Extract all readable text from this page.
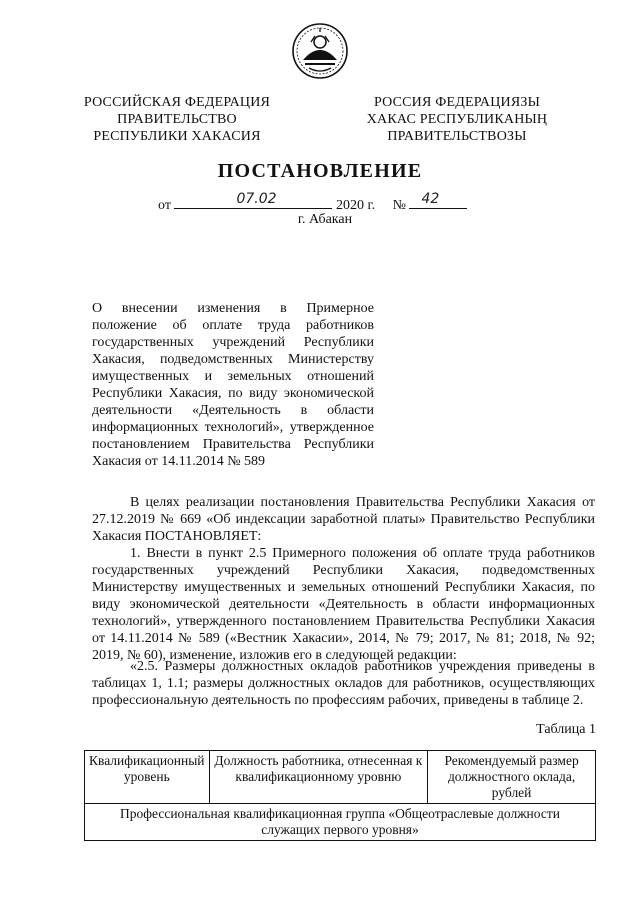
РОССИЙСКАЯ ФЕДЕРАЦИЯ
ПРАВИТЕЛЬСТВО
РЕСПУБЛИКИ ХАКАСИЯ
РОССИЯ ФЕДЕРАЦИЯЗЫ
ХАКАС РЕСПУБЛИКАНЫҢ
ПРАВИТЕЛЬСТВОЗЫ
ПОСТАНОВЛЕНИЕ
от	07.02	2020 г. № 42
г. Абакан
О внесении изменения в Примерное положение об оплате труда работников государственных учреждений Республики Хакасия, подведомственных Министерству имущественных и земельных отношений Республики Хакасия, по виду экономической деятельности «Деятельность в области информационных технологий», утвержденное постановлением Правительства Республики Хакасия от 14.11.2014 № 589
В целях реализации постановления Правительства Республики Хакасия от 27.12.2019 № 669 «Об индексации заработной платы» Правительство Республики Хакасия ПОСТАНОВЛЯЕТ:
1. Внести в пункт 2.5 Примерного положения об оплате труда работников государственных учреждений Республики Хакасия, подведомственных Министерству имущественных и земельных отношений Республики Хакасия, по виду экономической деятельности «Деятельность в области информационных технологий», утвержденного постановлением Правительства Республики Хакасия от 14.11.2014 № 589 («Вестник Хакасии», 2014, № 79; 2017, № 81; 2018, № 92; 2019, № 60), изменение, изложив его в следующей редакции:
«2.5. Размеры должностных окладов работников учреждения приведены в таблицах 1, 1.1; размеры должностных окладов для работников, осуществляющих профессиональную деятельность по профессиям рабочих, приведены в таблице 2.
Таблица 1
Квалификационный уровень	Должность работника, отнесенная к квалификационному уровню	Рекомендуемый размер должностного оклада, рублей
Профессиональная квалификационная группа «Общеотраслевые должности служащих первого уровня»
